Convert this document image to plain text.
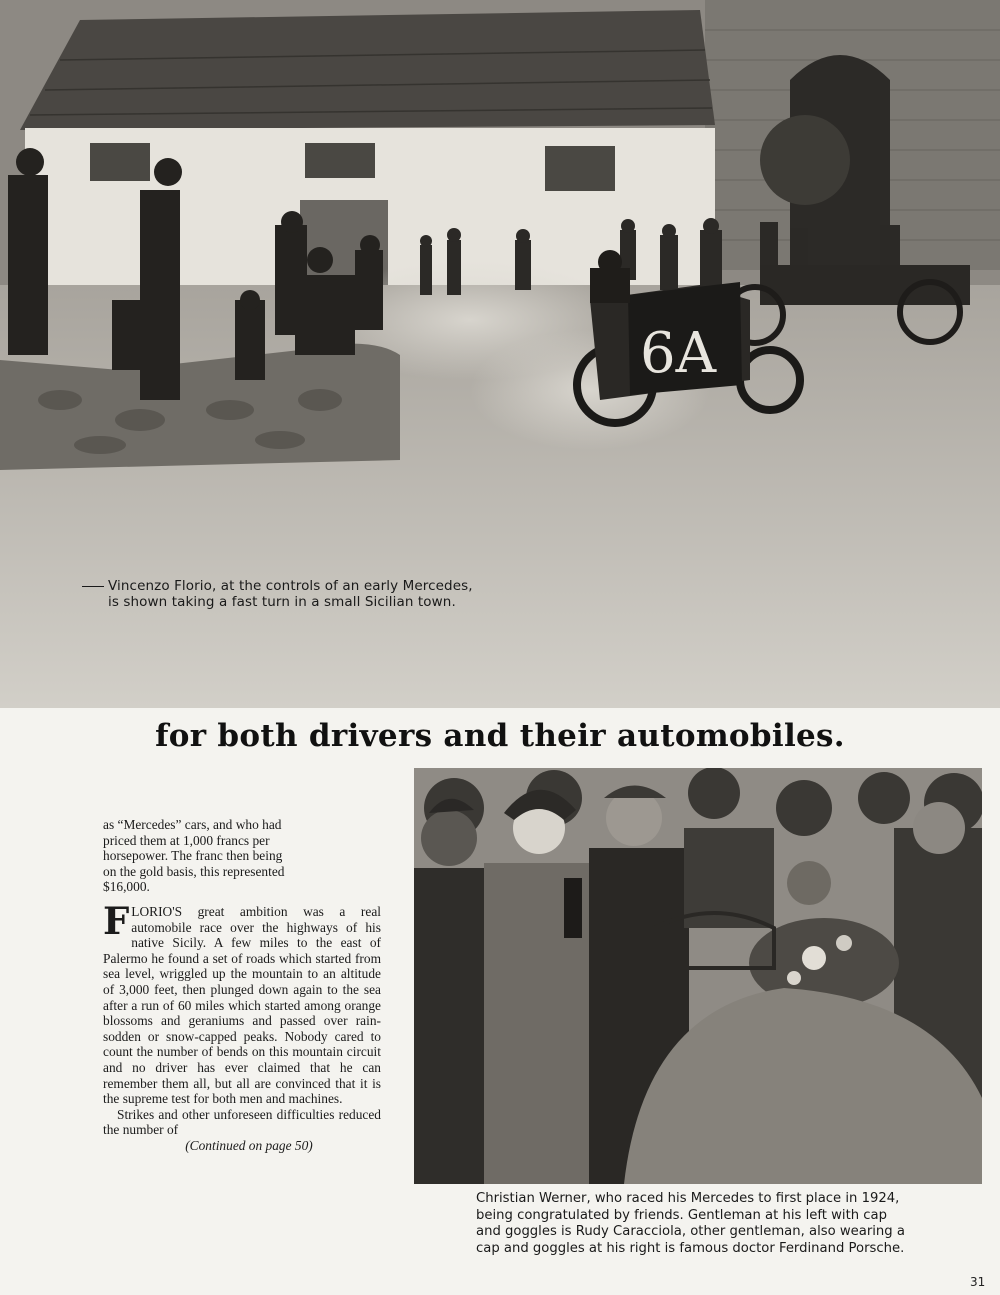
6A
Vincenzo Florio, at the controls of an early Mercedes,
is shown taking a fast turn in a small Sicilian town.
for both drivers and their automobiles.

as “Mercedes” cars, and who had
priced them at 1,000 francs per
horsepower. The franc then being
on the gold basis, this represented
$16,000.

FLORIO'S great ambition was a real automobile race over the highways of his native Sicily. A few miles to the east of Palermo he found a set of roads which started from sea level, wriggled up the mountain to an altitude of 3,000 feet, then plunged down again to the sea after a run of 60 miles which started among orange blossoms and geraniums and passed over rain-sodden or snow-capped peaks. Nobody cared to count the number of bends on this mountain circuit and no driver has ever claimed that he can remember them all, but all are convinced that it is the supreme test for both men and machines.

Strikes and other unforeseen difficulties reduced the number of
(Continued on page 50)

Christian Werner, who raced his Mercedes to first place in 1924,
being congratulated by friends. Gentleman at his left with cap
and goggles is Rudy Caracciola, other gentleman, also wearing a
cap and goggles at his right is famous doctor Ferdinand Porsche.
31
